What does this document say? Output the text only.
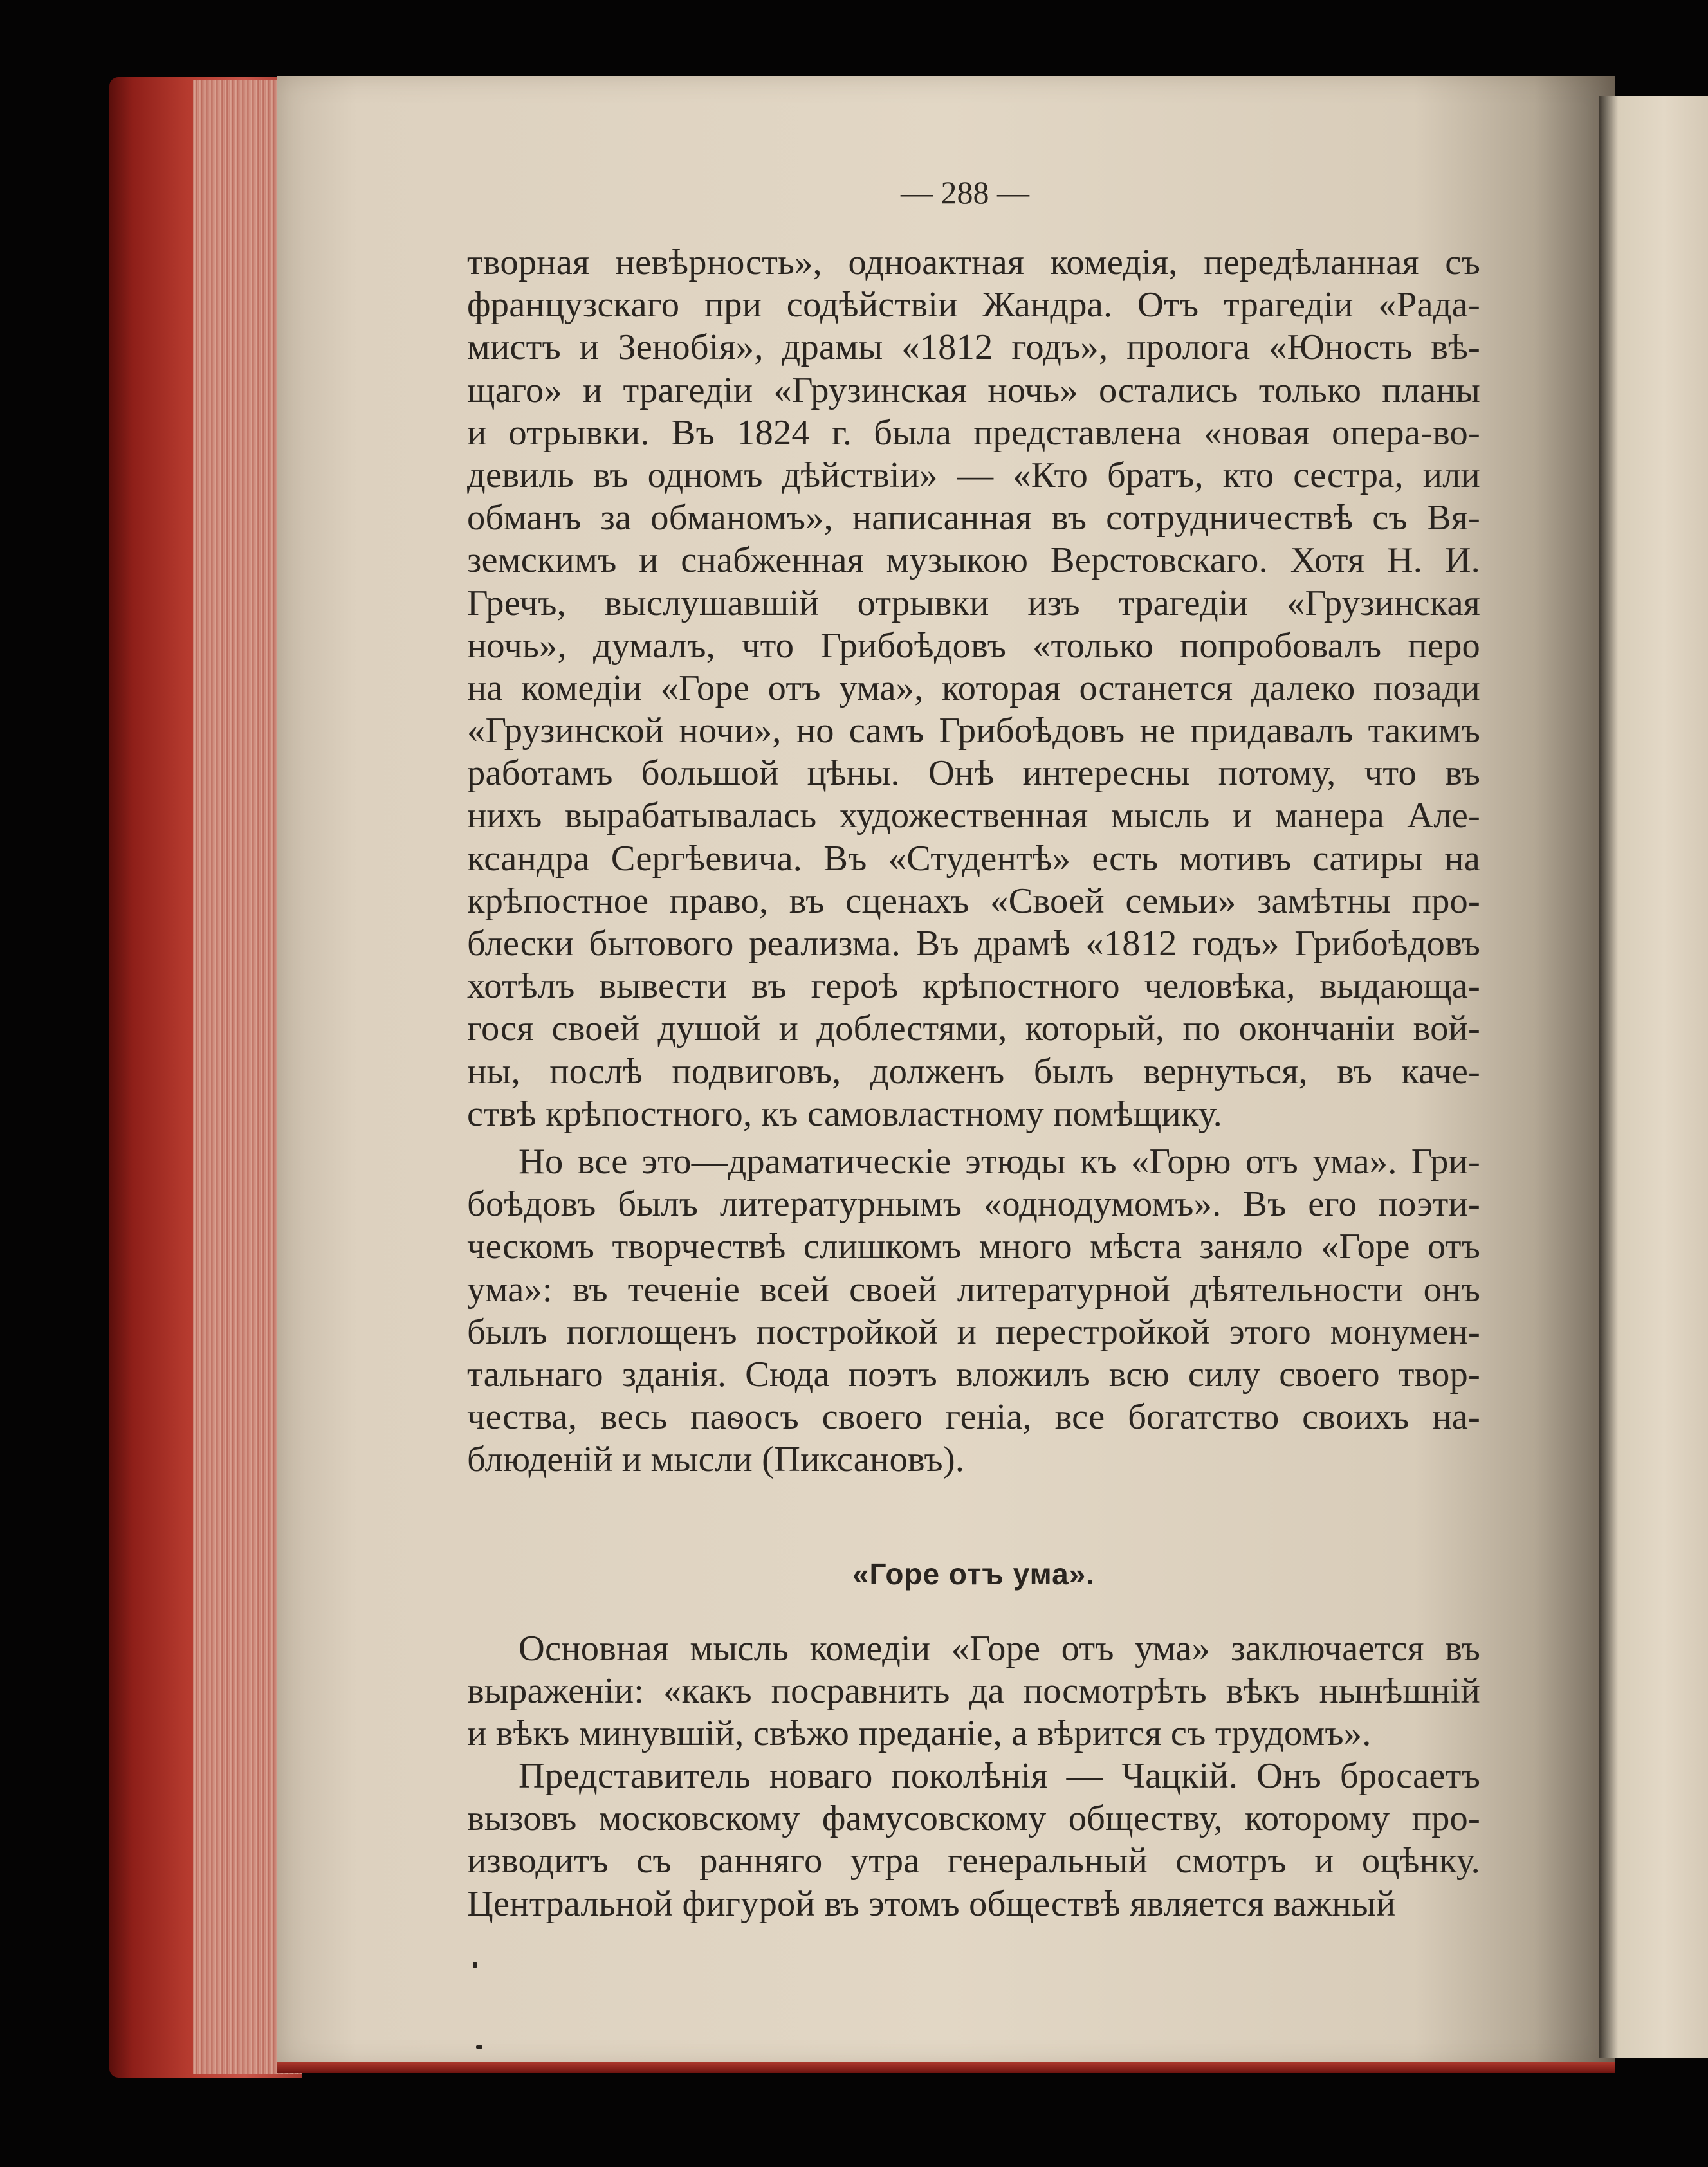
— 288 —
творная невѣрность», одноактная комедія, передѣланная съ
французскаго при содѣйствіи Жандра. Отъ трагедіи «Рада-
мистъ и Зенобія», драмы «1812 годъ», пролога «Юность вѣ-
щаго» и трагедіи «Грузинская ночь» остались только планы
и отрывки. Въ 1824 г. была представлена «новая опера-во-
девиль въ одномъ дѣйствіи» — «Кто братъ, кто сестра, или
обманъ за обманомъ», написанная въ сотрудничествѣ съ Вя-
земскимъ и снабженная музыкою Верстовскаго. Хотя Н. И.
Гречъ, выслушавшій отрывки изъ трагедіи «Грузинская
ночь», думалъ, что Грибоѣдовъ «только попробовалъ перо
на комедіи «Горе отъ ума», которая останется далеко позади
«Грузинской ночи», но самъ Грибоѣдовъ не придавалъ такимъ
работамъ большой цѣны. Онѣ интересны потому, что въ
нихъ вырабатывалась художественная мысль и манера Але-
ксандра Сергѣевича. Въ «Студентѣ» есть мотивъ сатиры на
крѣпостное право, въ сценахъ «Своей семьи» замѣтны про-
блески бытового реализма. Въ драмѣ «1812 годъ» Грибоѣдовъ
хотѣлъ вывести въ героѣ крѣпостного человѣка, выдающа-
гося своей душой и доблестями, который, по окончаніи вой-
ны, послѣ подвиговъ, долженъ былъ вернуться, въ каче-
ствѣ крѣпостного, къ самовластному помѣщику.
Но все это—драматическіе этюды къ «Горю отъ ума». Гри-
боѣдовъ былъ литературнымъ «однодумомъ». Въ его поэти-
ческомъ творчествѣ слишкомъ много мѣста заняло «Горе отъ
ума»: въ теченіе всей своей литературной дѣятельности онъ
былъ поглощенъ постройкой и перестройкой этого монумен-
тальнаго зданія. Сюда поэтъ вложилъ всю силу своего твор-
чества, весь паѳосъ своего геніа, все богатство своихъ на-
блюденій и мысли (Пиксановъ).
«Горе отъ ума».
Основная мысль комедіи «Горе отъ ума» заключается въ
выраженіи: «какъ посравнить да посмотрѣть вѣкъ нынѣшній
и вѣкъ минувшій, свѣжо преданіе, а вѣрится съ трудомъ».
Представитель новаго поколѣнія — Чацкій. Онъ бросаетъ
вызовъ московскому фамусовскому обществу, которому про-
изводитъ съ ранняго утра генеральный смотръ и оцѣнку.
Центральной фигурой въ этомъ обществѣ является важный
